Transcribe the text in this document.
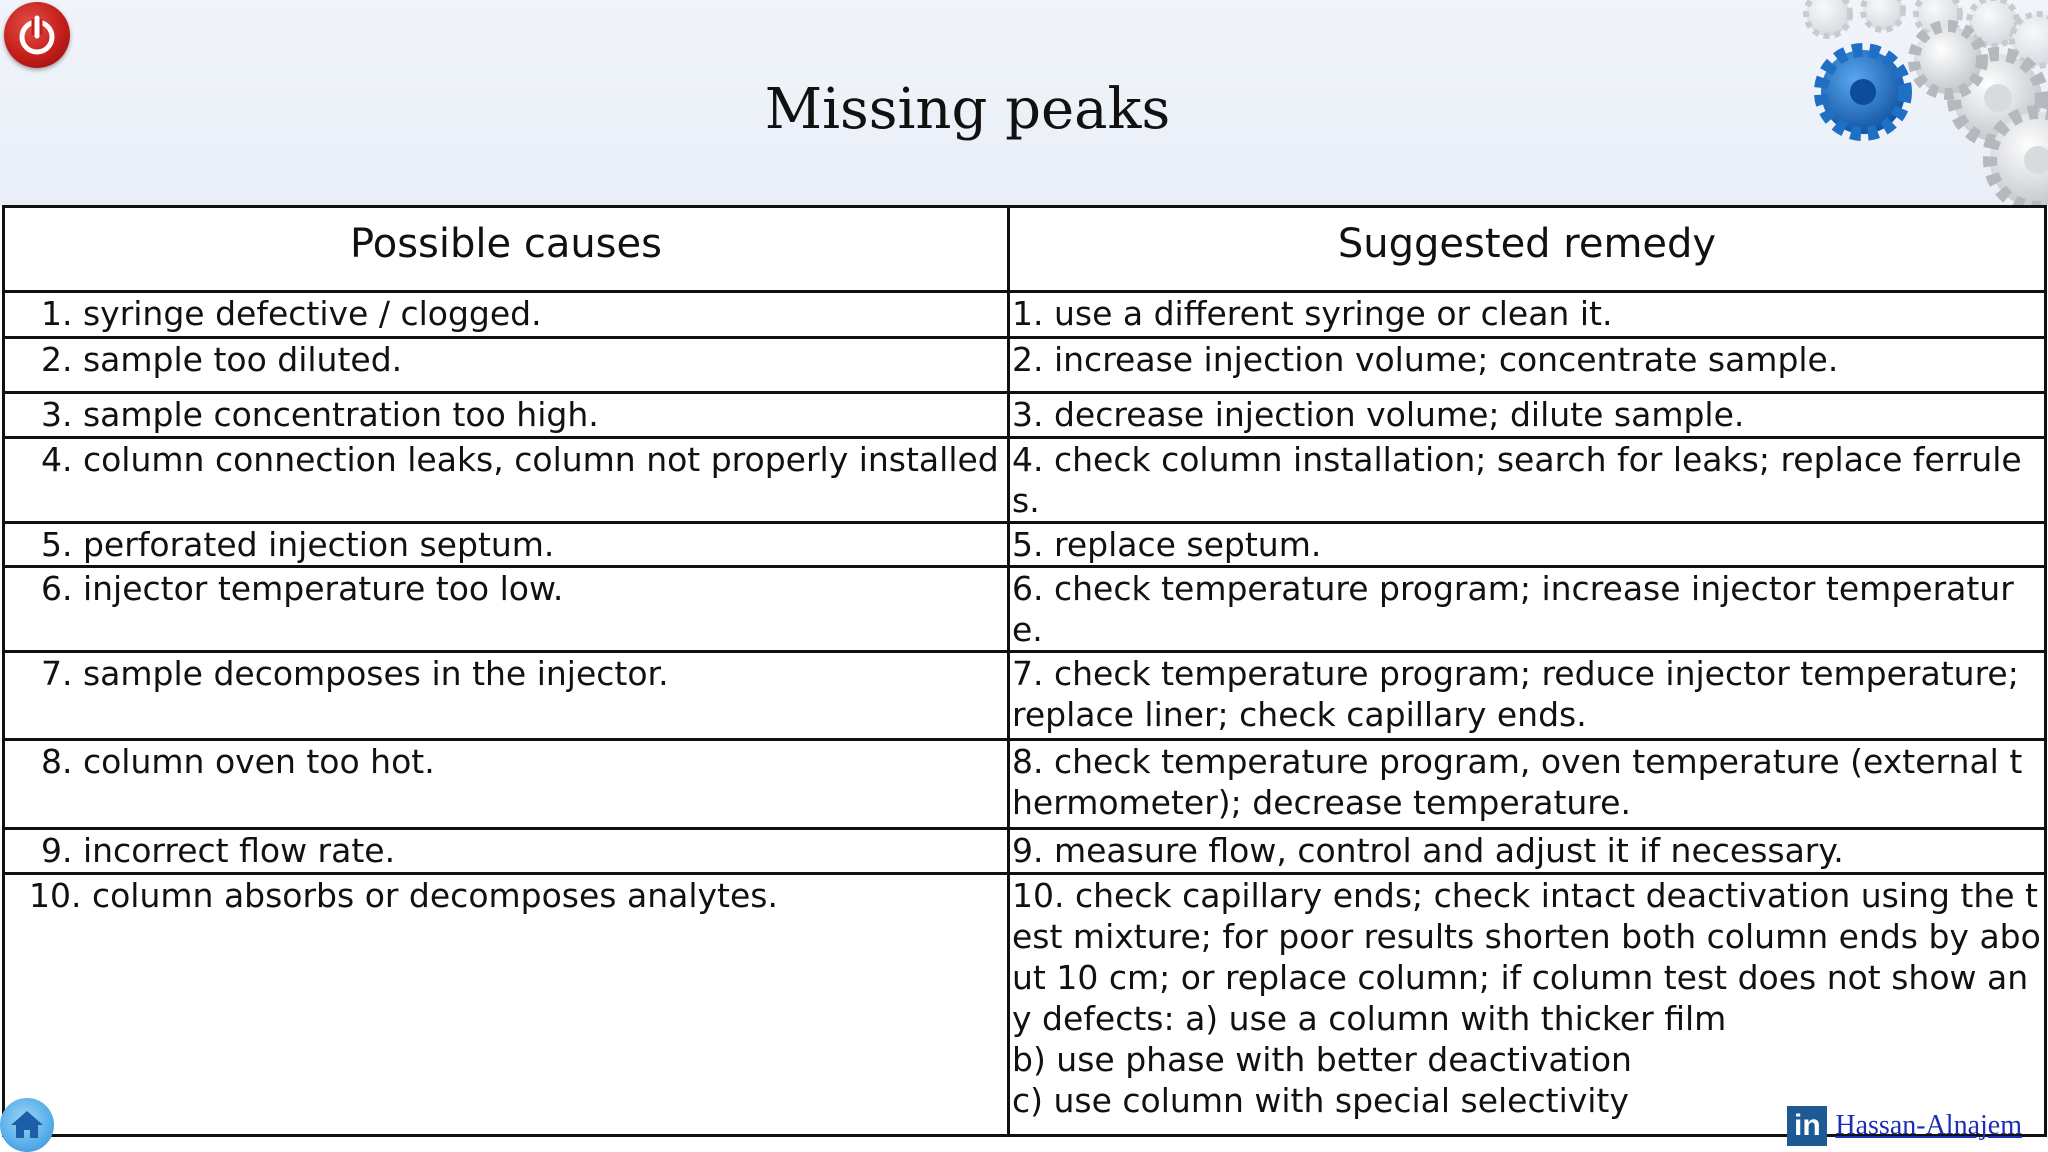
Missing peaks
Possible causes	Suggested remedy
1. syringe defective / clogged.	1. use a different syringe or clean it.

2. sample too diluted.	2. increase injection volume; concentrate sample.

3. sample concentration too high.	3. decrease injection volume; dilute sample.

4. column connection leaks, column not properly installed	4. check column installation; search for leaks; replace ferrules.

5. perforated injection septum.	5. replace septum.

6. injector temperature too low.	6. check temperature program; increase injector temperature.

7. sample decomposes in the injector.	7. check temperature program; reduce injector temperature; replace liner; check capillary ends.

8. column oven too hot.	8. check temperature program, oven temperature (external thermometer); decrease temperature.

9. incorrect flow rate.	9. measure flow, control and adjust it if necessary.

10. column absorbs or decomposes analytes.	10. check capillary ends; check intact deactivation using the test mixture; for poor results shorten both column ends by about 10 cm; or replace column; if column test does not show any defects: a) use a column with thicker film
b) use phase with better deactivation
c) use column with special selectivity
in Hassan-Alnajem
